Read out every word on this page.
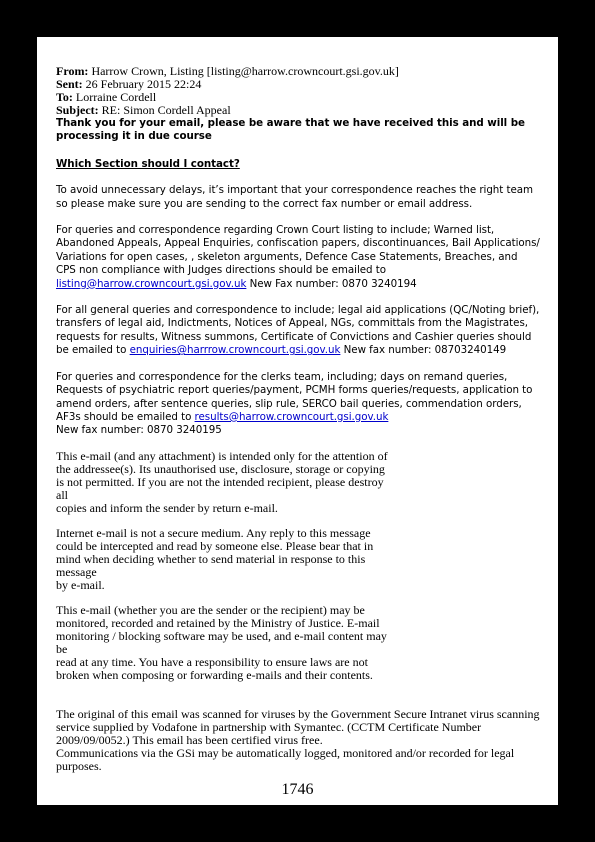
From: Harrow Crown, Listing [listing@harrow.crowncourt.gsi.gov.uk]
Sent: 26 February 2015 22:24
To: Lorraine Cordell
Subject: RE: Simon Cordell Appeal
Thank you for your email, please be aware that we have received this and will be processing it in due course
Which Section should I contact?
To avoid unnecessary delays, it’s important that your correspondence reaches the right team so please make sure you are sending to the correct fax number or email address.
For queries and correspondence regarding Crown Court listing to include; Warned list, Abandoned Appeals, Appeal Enquiries, confiscation papers, discontinuances, Bail Applications/ Variations for open cases, , skeleton arguments, Defence Case Statements, Breaches, and CPS non compliance with Judges directions should be emailed to listing@harrow.crowncourt.gsi.gov.uk New Fax number: 0870 3240194
For all general queries and correspondence to include; legal aid applications (QC/Noting brief), transfers of legal aid, Indictments, Notices of Appeal, NGs, committals from the Magistrates, requests for results, Witness summons, Certificate of Convictions and Cashier queries should be emailed to enquiries@harrrow.crowncourt.gsi.gov.uk New fax number: 08703240149
For queries and correspondence for the clerks team, including; days on remand queries, Requests of psychiatric report queries/payment, PCMH forms queries/requests, application to amend orders, after sentence queries, slip rule, SERCO bail queries, commendation orders, AF3s should be emailed to results@harrow.crowncourt.gsi.gov.uk
New fax number: 0870 3240195
This e-mail (and any attachment) is intended only for the attention of
the addressee(s). Its unauthorised use, disclosure, storage or copying
is not permitted. If you are not the intended recipient, please destroy all
copies and inform the sender by return e-mail.
Internet e-mail is not a secure medium. Any reply to this message
could be intercepted and read by someone else. Please bear that in
mind when deciding whether to send material in response to this message
by e-mail.
This e-mail (whether you are the sender or the recipient) may be
monitored, recorded and retained by the Ministry of Justice. E-mail
monitoring / blocking software may be used, and e-mail content may be
read at any time. You have a responsibility to ensure laws are not
broken when composing or forwarding e-mails and their contents.
The original of this email was scanned for viruses by the Government Secure Intranet virus scanning
service supplied by Vodafone in partnership with Symantec. (CCTM Certificate Number
2009/09/0052.) This email has been certified virus free.
Communications via the GSi may be automatically logged, monitored and/or recorded for legal
purposes.
1746
